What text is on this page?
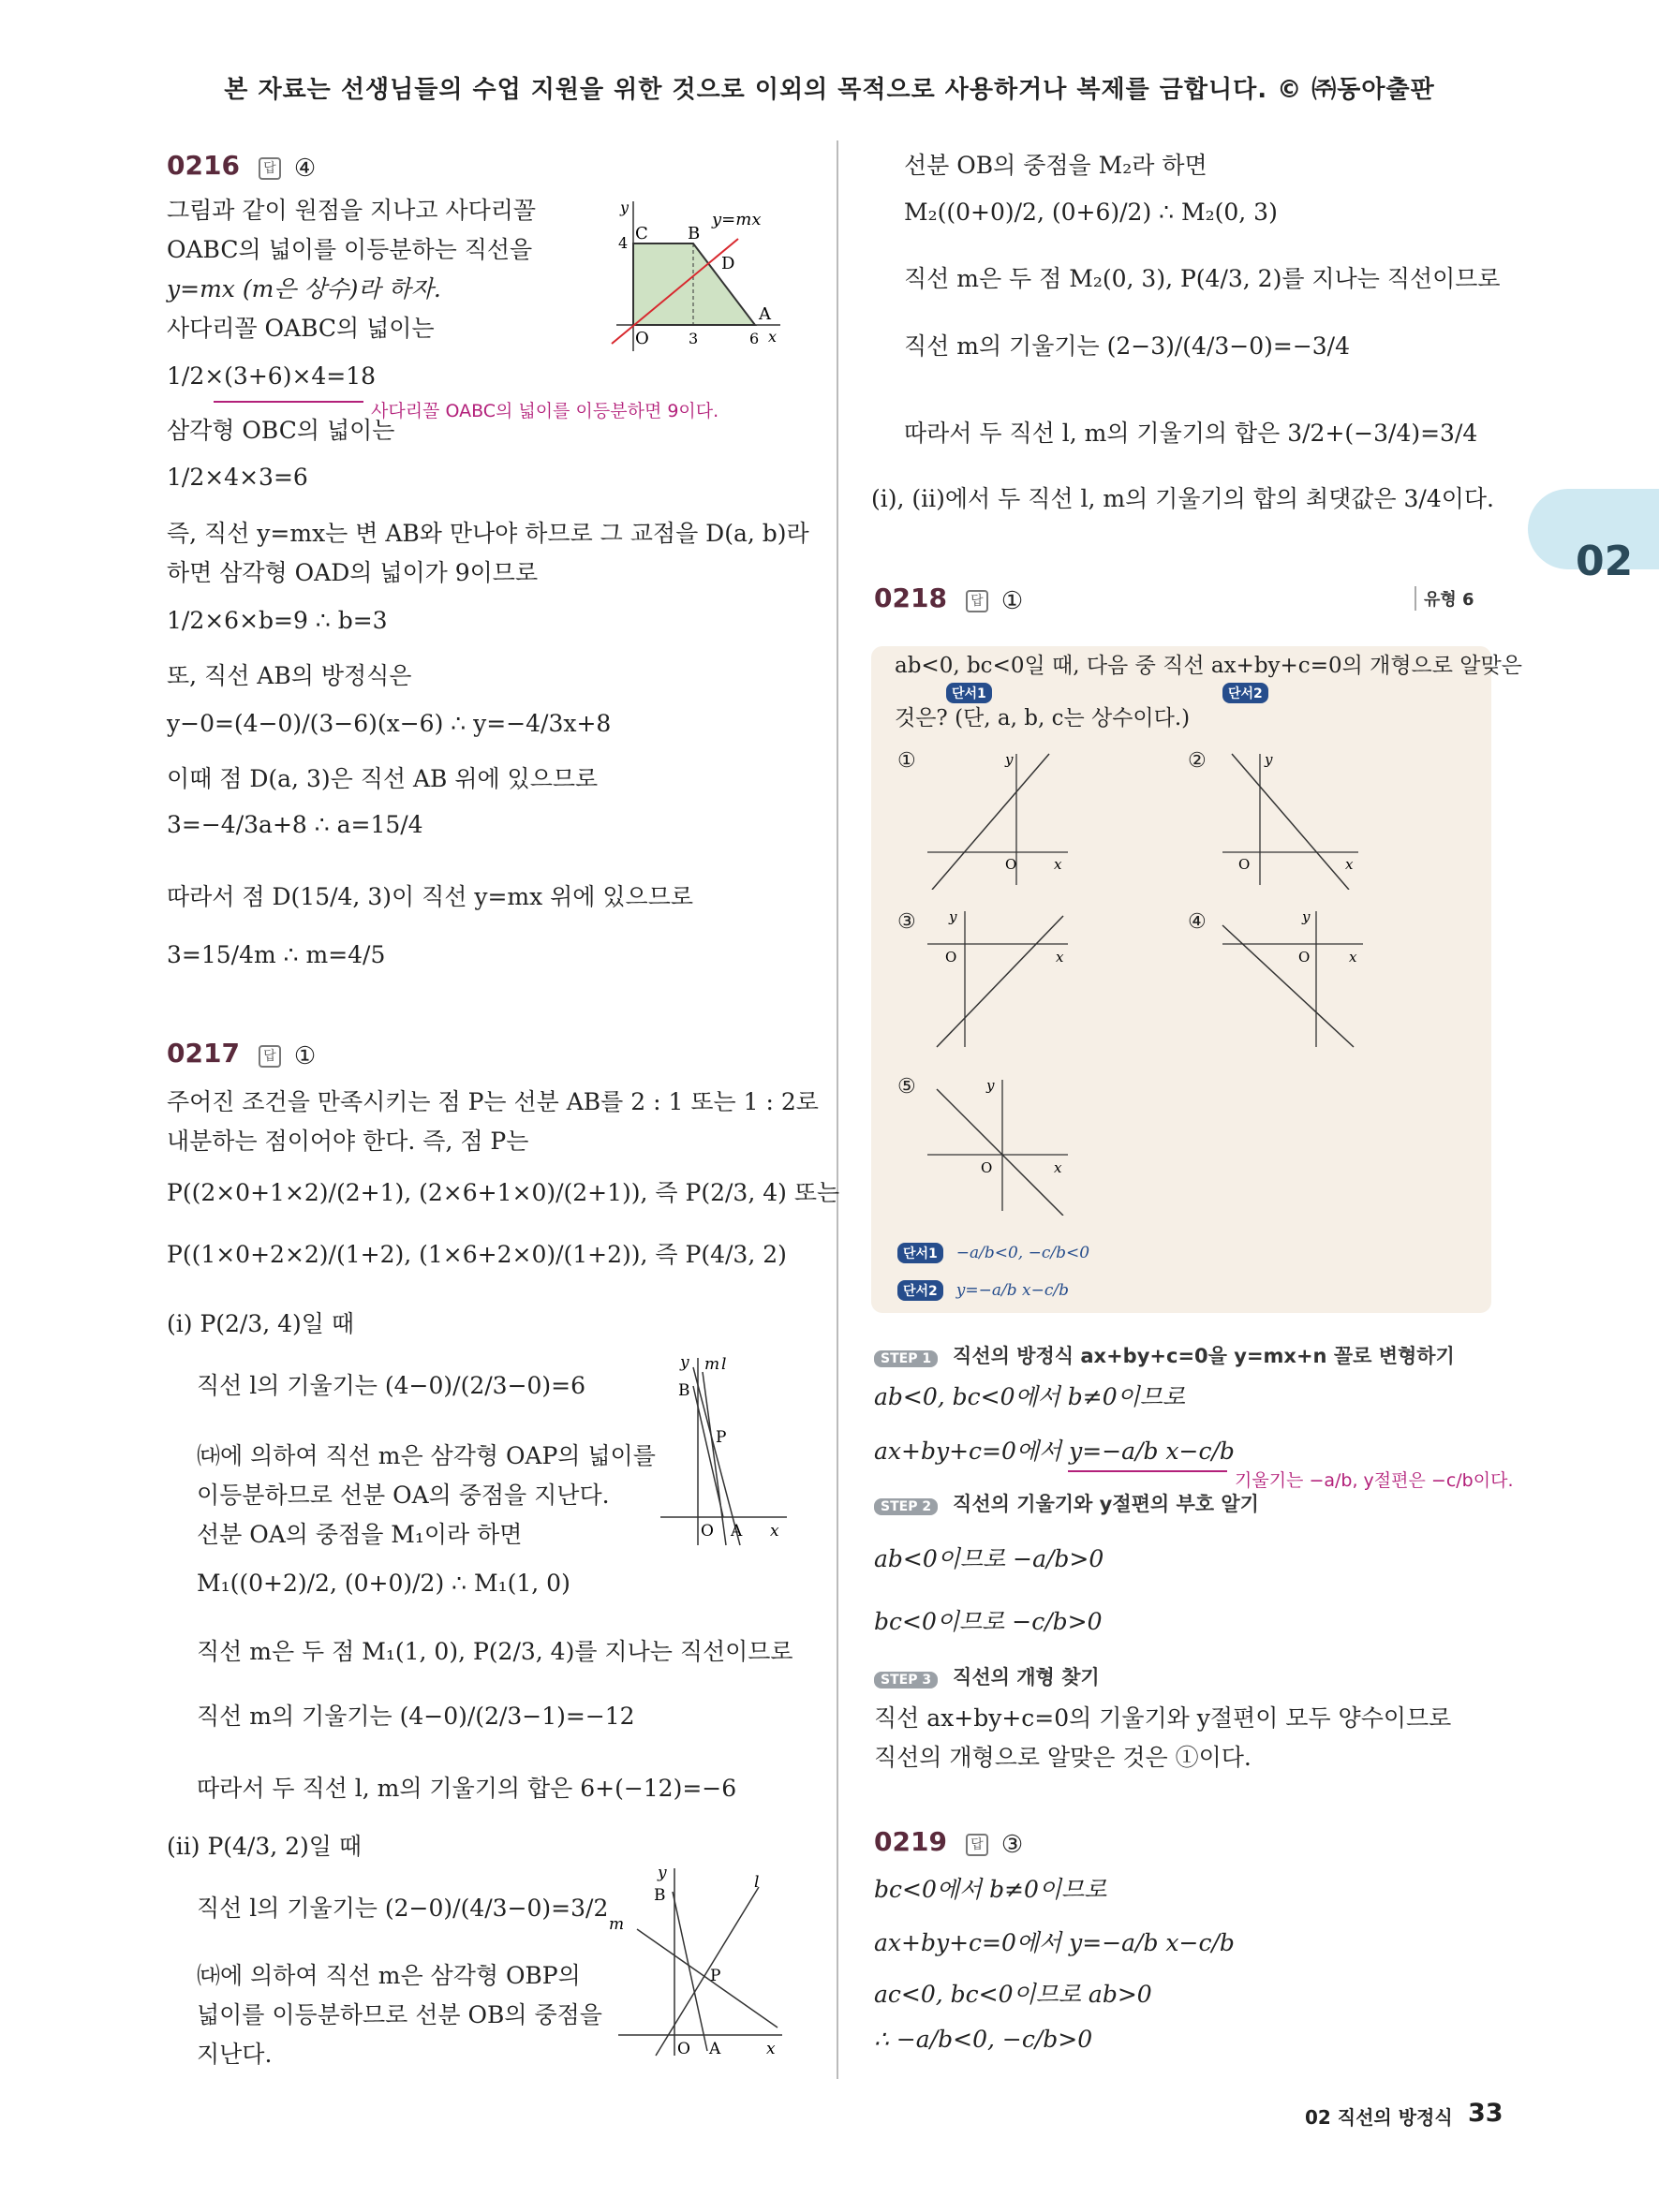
본 자료는 선생님들의 수업 지원을 위한 것으로 이외의 목적으로 사용하거나 복제를 금합니다. © ㈜동아출판
02
0216 답 ④
그림과 같이 원점을 지나고 사다리꼴
OABC의 넓이를 이등분하는 직선을
y=mx (m은 상수)라 하자.
사다리꼴 OABC의 넓이는
1/2×(3+6)×4=18
사다리꼴 OABC의 넓이를 이등분하면 9이다.
삼각형 OBC의 넓이는
1/2×4×3=6
즉, 직선 y=mx는 변 AB와 만나야 하므로 그 교점을 D(a, b)라
하면 삼각형 OAD의 넓이가 9이므로
1/2×6×b=9 ∴ b=3
또, 직선 AB의 방정식은
y−0=(4−0)/(3−6)(x−6) ∴ y=−4/3x+8
이때 점 D(a, 3)은 직선 AB 위에 있으므로
3=−4/3a+8 ∴ a=15/4
따라서 점 D(15/4, 3)이 직선 y=mx 위에 있으므로
3=15/4m ∴ m=4/5
y=mx
C B
D
A
O
4
3	6 x
y
0217 답 ①
주어진 조건을 만족시키는 점 P는 선분 AB를 2 : 1 또는 1 : 2로
내분하는 점이어야 한다. 즉, 점 P는
P((2×0+1×2)/(2+1), (2×6+1×0)/(2+1)), 즉 P(2/3, 4) 또는
P((1×0+2×2)/(1+2), (1×6+2×0)/(1+2)), 즉 P(4/3, 2)
(i) P(2/3, 4)일 때
직선 l의 기울기는 (4−0)/(2/3−0)=6
㈐에 의하여 직선 m은 삼각형 OAP의 넓이를
이등분하므로 선분 OA의 중점을 지난다.
선분 OA의 중점을 M₁이라 하면
M₁((0+2)/2, (0+0)/2) ∴ M₁(1, 0)
직선 m은 두 점 M₁(1, 0), P(2/3, 4)를 지나는 직선이므로
직선 m의 기울기는 (4−0)/(2/3−1)=−12
따라서 두 직선 l, m의 기울기의 합은 6+(−12)=−6
(ii) P(4/3, 2)일 때
직선 l의 기울기는 (2−0)/(4/3−0)=3/2
㈐에 의하여 직선 m은 삼각형 OBP의
넓이를 이등분하므로 선분 OB의 중점을
지난다.
y m l
B
P
O A x
y
B
l
m
P
O A	x
선분 OB의 중점을 M₂라 하면
M₂((0+0)/2, (0+6)/2) ∴ M₂(0, 3)
직선 m은 두 점 M₂(0, 3), P(4/3, 2)를 지나는 직선이므로
직선 m의 기울기는 (2−3)/(4/3−0)=−3/4
따라서 두 직선 l, m의 기울기의 합은 3/2+(−3/4)=3/4
(i), (ii)에서 두 직선 l, m의 기울기의 합의 최댓값은 3/4이다.
0218 답 ①	유형 6
ab<0, bc<0일 때, 다음 중 직선 ax+by+c=0의 개형으로 알맞은
단서1	단서2
것은? (단, a, b, c는 상수이다.)
①	y
O	x
②	y
O	x
③ y
O	x
④	y
O	x
⑤	y
O	x
단서1 −a/b<0, −c/b<0
단서2 y=−a/b x−c/b
STEP 1 직선의 방정식 ax+by+c=0을 y=mx+n 꼴로 변형하기
ab<0, bc<0에서 b≠0이므로
ax+by+c=0에서 y=−a/b x−c/b
기울기는 −a/b, y절편은 −c/b이다.
STEP 2 직선의 기울기와 y절편의 부호 알기
ab<0이므로 −a/b>0
bc<0이므로 −c/b>0
STEP 3 직선의 개형 찾기
직선 ax+by+c=0의 기울기와 y절편이 모두 양수이므로
직선의 개형으로 알맞은 것은 ①이다.
0219 답 ③
bc<0에서 b≠0이므로
ax+by+c=0에서 y=−a/b x−c/b
ac<0, bc<0이므로 ab>0
∴ −a/b<0, −c/b>0
02 직선의 방정식 33
